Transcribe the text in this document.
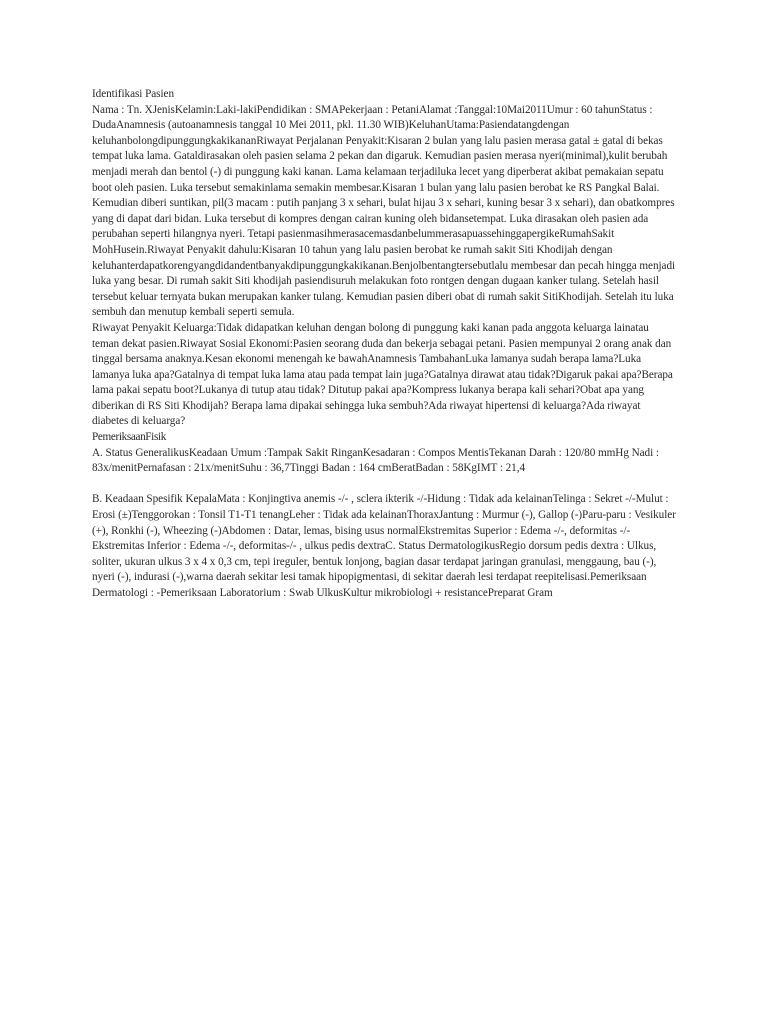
Identifikasi Pasien

Nama : Tn. XJenisKelamin:Laki-lakiPendidikan : SMAPekerjaan : PetaniAlamat :Tanggal:10Mai2011Umur : 60 tahunStatus : DudaAnamnesis (autoanamnesis tanggal 10 Mei 2011, pkl. 11.30 WIB)KeluhanUtama:Pasiendatangdengan keluhanbolongdipunggungkakikananRiwayat Perjalanan Penyakit:Kisaran 2 bulan yang lalu pasien merasa gatal ± gatal di bekas tempat luka lama. Gataldirasakan oleh pasien selama 2 pekan dan digaruk. Kemudian pasien merasa nyeri(minimal),kulit berubah menjadi merah dan bentol (-) di punggung kaki kanan. Lama kelamaan terjadiluka lecet yang diperberat akibat pemakaian sepatu boot oleh pasien. Luka tersebut semakinlama semakin membesar.Kisaran 1 bulan yang lalu pasien berobat ke RS Pangkal Balai. Kemudian diberi suntikan, pil(3 macam : putih panjang 3 x sehari, bulat hijau 3 x sehari, kuning besar 3 x sehari), dan obatkompres yang di dapat dari bidan. Luka tersebut di kompres dengan cairan kuning oleh bidansetempat. Luka dirasakan oleh pasien ada perubahan seperti hilangnya nyeri. Tetapi pasienmasihmerasacemasdanbelummerasapuassehinggapergikeRumahSakit MohHusein.Riwayat Penyakit dahulu:Kisaran 10 tahun yang lalu pasien berobat ke rumah sakit Siti Khodijah dengan keluhanterdapatkorengyangdidandentbanyakdipunggungkakikanan.Benjolbentangtersebutlalu membesar dan pecah hingga menjadi luka yang besar. Di rumah sakit Siti khodijah pasiendisuruh melakukan foto rontgen dengan dugaan kanker tulang. Setelah hasil tersebut keluar ternyata bukan merupakan kanker tulang. Kemudian pasien diberi obat di rumah sakit SitiKhodijah. Setelah itu luka sembuh dan menutup kembali seperti semula.

Riwayat Penyakit Keluarga:Tidak didapatkan keluhan dengan bolong di punggung kaki kanan pada anggota keluarga lainatau teman dekat pasien.Riwayat Sosial Ekonomi:Pasien seorang duda dan bekerja sebagai petani. Pasien mempunyai 2 orang anak dan tinggal bersama anaknya.Kesan ekonomi menengah ke bawahAnamnesis TambahanLuka lamanya sudah berapa lama?Luka lamanya luka apa?Gatalnya di tempat luka lama atau pada tempat lain juga?Gatalnya dirawat atau tidak?Digaruk pakai apa?Berapa lama pakai sepatu boot?Lukanya di tutup atau tidak? Ditutup pakai apa?Kompress lukanya berapa kali sehari?Obat apa yang diberikan di RS Siti Khodijah? Berapa lama dipakai sehingga luka sembuh?Ada riwayat hipertensi di keluarga?Ada riwayat diabetes di keluarga?

PemeriksaanFisik

A. Status GeneralikusKeadaan Umum :Tampak Sakit RinganKesadaran : Compos MentisTekanan Darah : 120/80 mmHg Nadi : 83x/menitPernafasan : 21x/menitSuhu : 36,7Tinggi Badan : 164 cmBeratBadan : 58KgIMT : 21,4

B. Keadaan Spesifik KepalaMata : Konjingtiva anemis -/- , sclera ikterik -/-Hidung : Tidak ada kelainanTelinga : Sekret -/-Mulut : Erosi (±)Tenggorokan : Tonsil T1-T1 tenangLeher : Tidak ada kelainanThoraxJantung : Murmur (-), Gallop (-)Paru-paru : Vesikuler (+), Ronkhi (-), Wheezing (-)Abdomen : Datar, lemas, bising usus normalEkstremitas Superior : Edema -/-, deformitas -/-Ekstremitas Inferior : Edema -/-, deformitas-/- , ulkus pedis dextraC. Status DermatologikusRegio dorsum pedis dextra : Ulkus, soliter, ukuran ulkus 3 x 4 x 0,3 cm, tepi ireguler, bentuk lonjong, bagian dasar terdapat jaringan granulasi, menggaung, bau (-), nyeri (-), indurasi (-),warna daerah sekitar lesi tamak hipopigmentasi, di sekitar daerah lesi terdapat reepitelisasi.Pemeriksaan Dermatologi : -Pemeriksaan Laboratorium : Swab UlkusKultur mikrobiologi + resistancePreparat Gram
